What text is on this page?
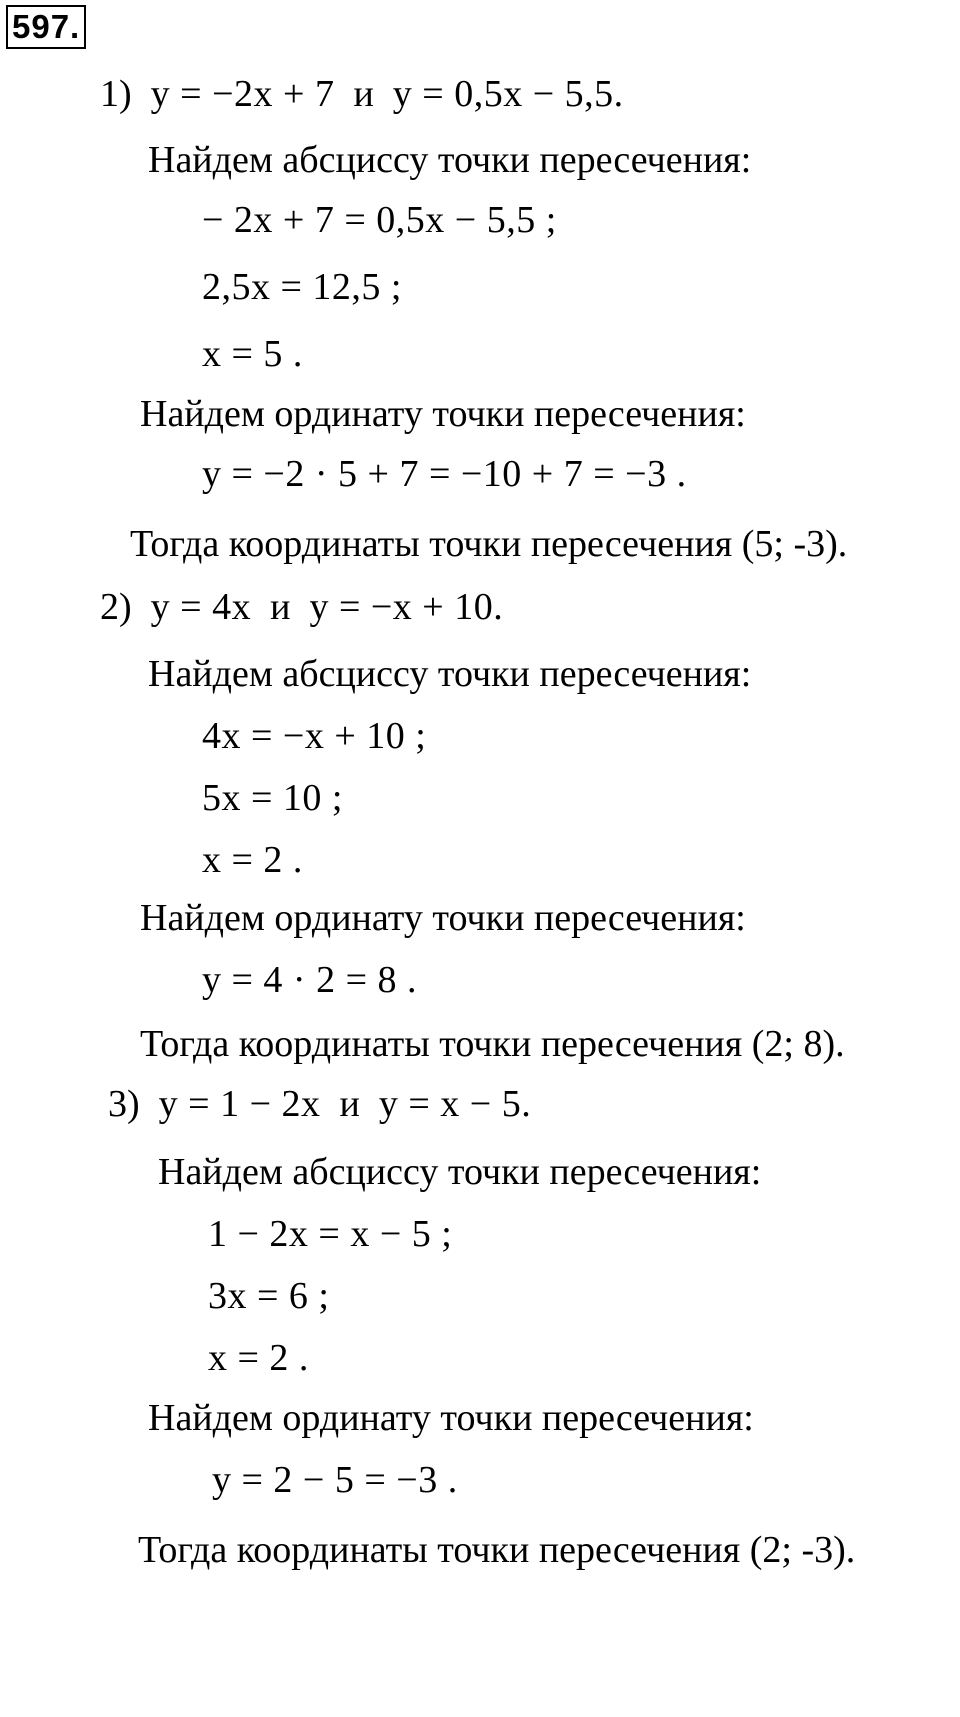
597.
1) y = −2x + 7 и y = 0,5x − 5,5.
Найдем абсциссу точки пересечения:
− 2x + 7 = 0,5x − 5,5 ;
2,5x = 12,5 ;
x = 5 .
Найдем ординату точки пересечения:
y = −2 · 5 + 7 = −10 + 7 = −3 .
Тогда координаты точки пересечения (5; -3).
2) y = 4x и y = −x + 10.
Найдем абсциссу точки пересечения:
4x = −x + 10 ;
5x = 10 ;
x = 2 .
Найдем ординату точки пересечения:
y = 4 · 2 = 8 .
Тогда координаты точки пересечения (2; 8).
3) y = 1 − 2x и y = x − 5.
Найдем абсциссу точки пересечения:
1 − 2x = x − 5 ;
3x = 6 ;
x = 2 .
Найдем ординату точки пересечения:
y = 2 − 5 = −3 .
Тогда координаты точки пересечения (2; -3).
